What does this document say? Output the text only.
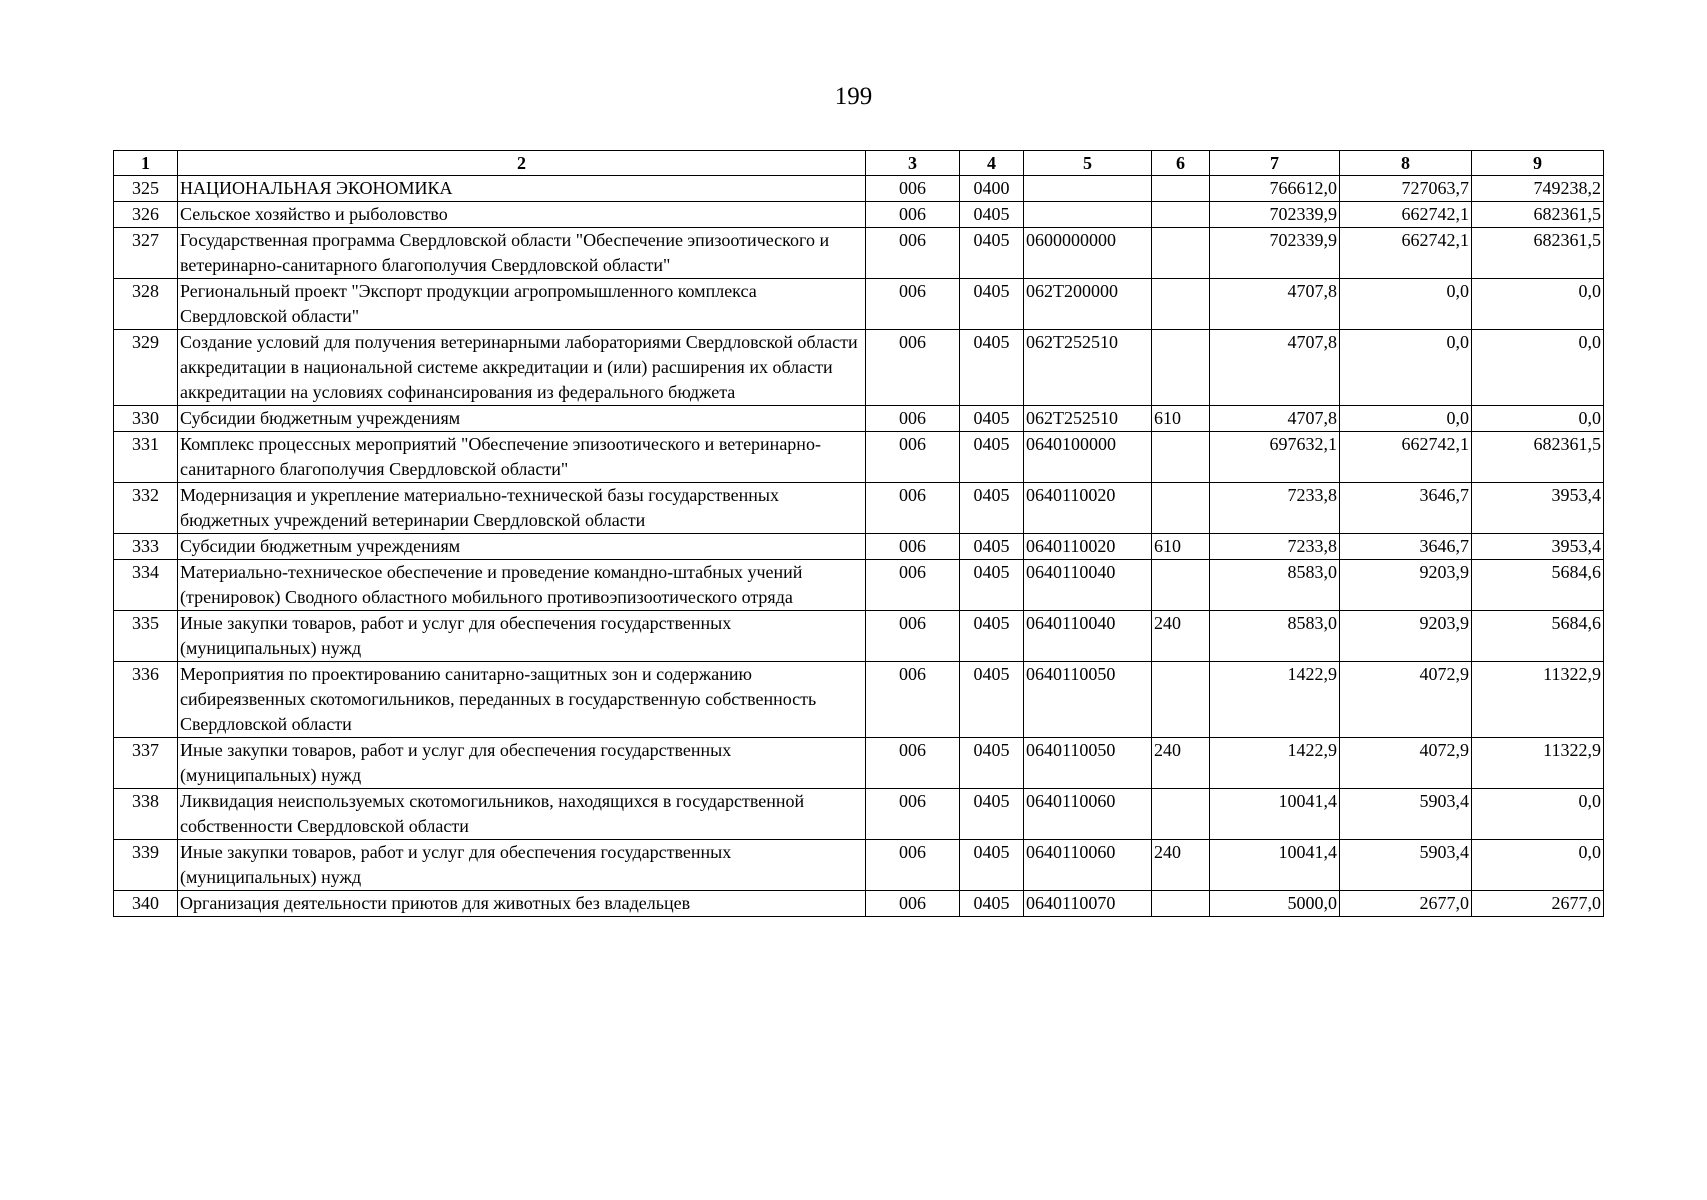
199
1	2	3	4	5	6	7	8	9
325	НАЦИОНАЛЬНАЯ ЭКОНОМИКА	006	0400			766612,0	727063,7	749238,2
326	Сельское хозяйство и рыболовство	006	0405			702339,9	662742,1	682361,5
327	Государственная программа Свердловской области "Обеспечение эпизоотического и ветеринарно-санитарного благополучия Свердловской области"	006	0405	0600000000		702339,9	662742,1	682361,5
328	Региональный проект "Экспорт продукции агропромышленного комплекса Свердловской области"	006	0405	062Т200000		4707,8	0,0	0,0
329	Создание условий для получения ветеринарными лабораториями Свердловской области аккредитации в национальной системе аккредитации и (или) расширения их области аккредитации на условиях софинансирования из федерального бюджета	006	0405	062Т252510		4707,8	0,0	0,0
330	Субсидии бюджетным учреждениям	006	0405	062Т252510	610	4707,8	0,0	0,0
331	Комплекс процессных мероприятий "Обеспечение эпизоотического и ветеринарно-санитарного благополучия Свердловской области"	006	0405	0640100000		697632,1	662742,1	682361,5
332	Модернизация и укрепление материально-технической базы государственных бюджетных учреждений ветеринарии Свердловской области	006	0405	0640110020		7233,8	3646,7	3953,4
333	Субсидии бюджетным учреждениям	006	0405	0640110020	610	7233,8	3646,7	3953,4
334	Материально-техническое обеспечение и проведение командно-штабных учений (тренировок) Сводного областного мобильного противоэпизоотического отряда	006	0405	0640110040		8583,0	9203,9	5684,6
335	Иные закупки товаров, работ и услуг для обеспечения государственных (муниципальных) нужд	006	0405	0640110040	240	8583,0	9203,9	5684,6
336	Мероприятия по проектированию санитарно-защитных зон и содержанию сибиреязвенных скотомогильников, переданных в государственную собственность Свердловской области	006	0405	0640110050		1422,9	4072,9	11322,9
337	Иные закупки товаров, работ и услуг для обеспечения государственных (муниципальных) нужд	006	0405	0640110050	240	1422,9	4072,9	11322,9
338	Ликвидация неиспользуемых скотомогильников, находящихся в государственной собственности Свердловской области	006	0405	0640110060		10041,4	5903,4	0,0
339	Иные закупки товаров, работ и услуг для обеспечения государственных (муниципальных) нужд	006	0405	0640110060	240	10041,4	5903,4	0,0
340	Организация деятельности приютов для животных без владельцев	006	0405	0640110070		5000,0	2677,0	2677,0
